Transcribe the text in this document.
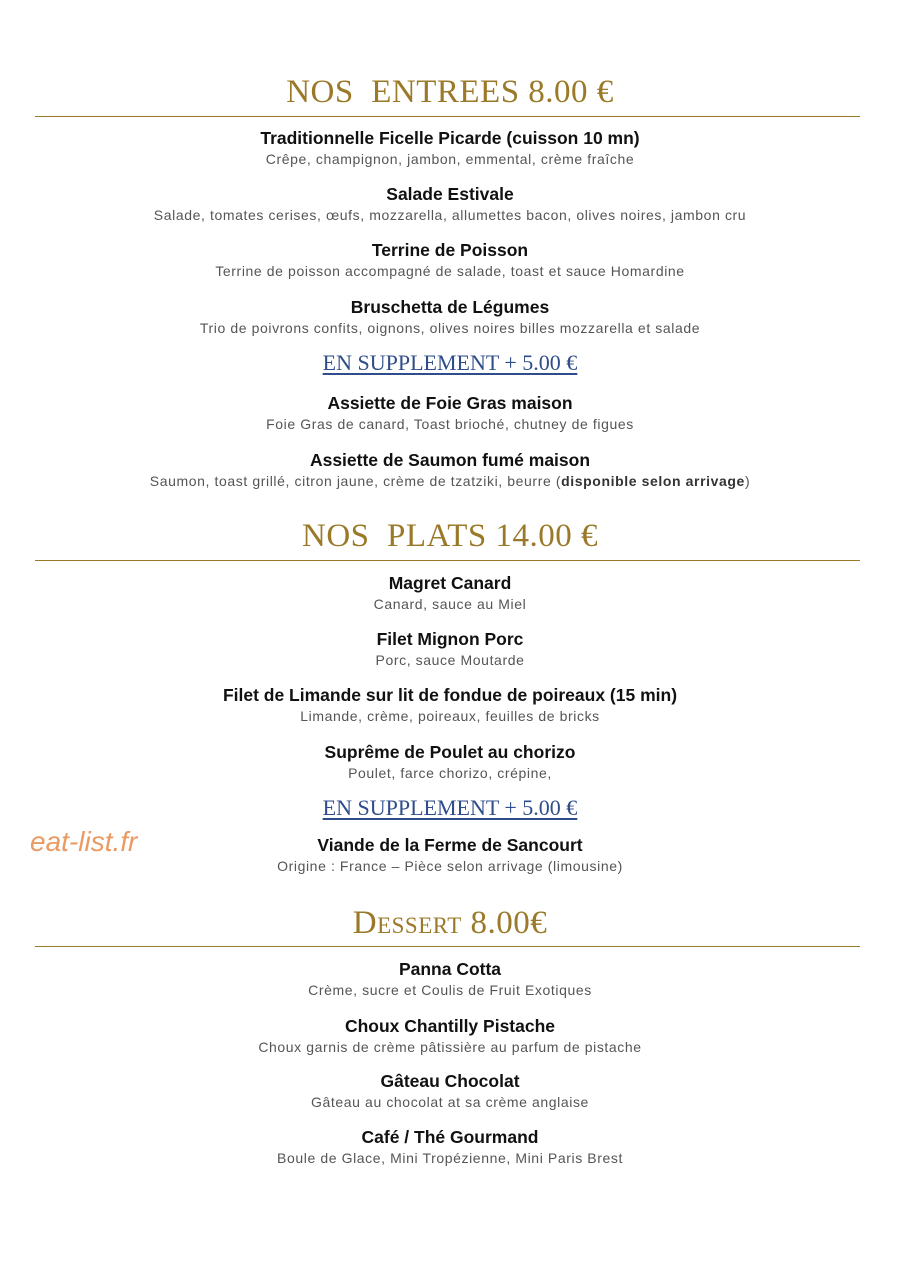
NOS  ENTREES 8.00 €
Traditionnelle Ficelle Picarde (cuisson 10 mn)
Crêpe, champignon, jambon, emmental, crème fraîche
Salade Estivale
Salade, tomates cerises, œufs, mozzarella, allumettes bacon, olives noires, jambon cru
Terrine de Poisson
Terrine de poisson accompagné de salade, toast et sauce Homardine
Bruschetta de Légumes
Trio de poivrons confits, oignons, olives noires billes mozzarella et salade
EN SUPPLEMENT + 5.00 €
Assiette de Foie Gras maison
Foie Gras de canard, Toast brioché, chutney de figues
Assiette de Saumon fumé maison
Saumon, toast grillé, citron jaune, crème de tzatziki, beurre (disponible selon arrivage)
NOS  PLATS 14.00 €
Magret Canard
Canard, sauce au Miel
Filet Mignon Porc
Porc, sauce Moutarde
Filet de Limande sur lit de fondue de poireaux (15 min)
Limande, crème, poireaux, feuilles de bricks
Suprême de Poulet au chorizo
Poulet, farce chorizo, crépine,
EN SUPPLEMENT + 5.00 €
Viande de la Ferme de Sancourt
Origine : France – Pièce selon arrivage (limousine)
eat-list.fr
Dessert 8.00€
Panna Cotta
Crème, sucre et Coulis de Fruit Exotiques
Choux Chantilly Pistache
Choux garnis de crème pâtissière au parfum de pistache
Gâteau Chocolat
Gâteau au chocolat at sa crème anglaise
Café / Thé Gourmand
Boule de Glace, Mini Tropézienne, Mini Paris Brest
